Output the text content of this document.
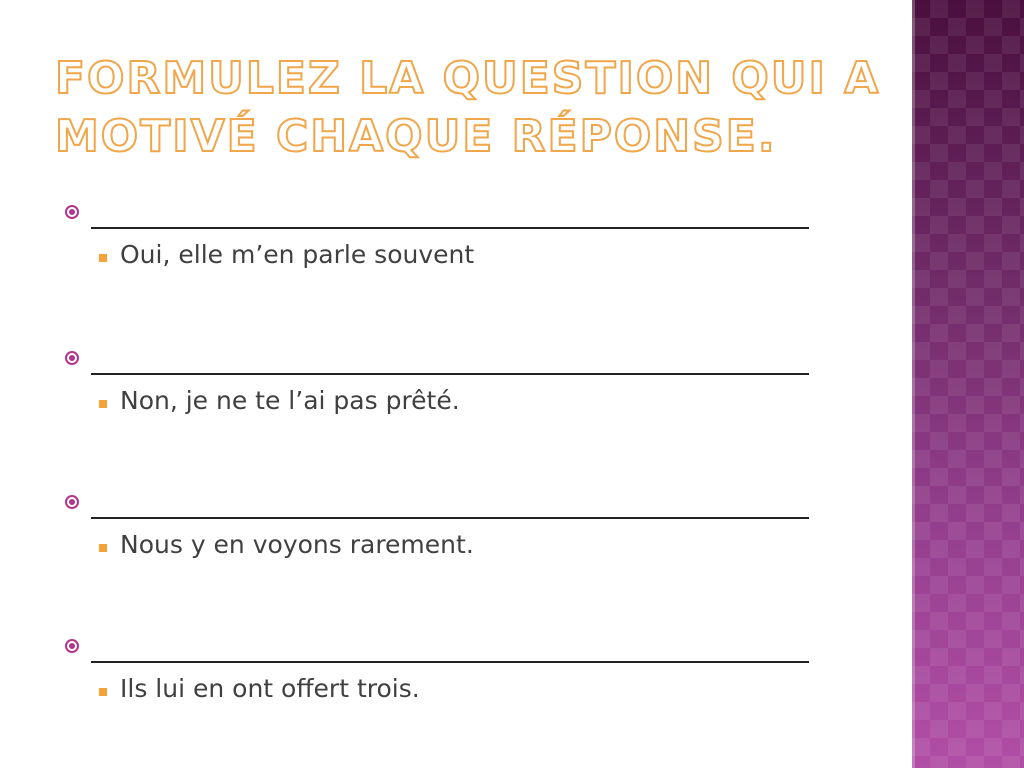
FORMULEZ LA QUESTION QUI A
MOTIVÉ CHAQUE RÉPONSE.
Oui, elle m’en parle souvent
Non, je ne te l’ai pas prêté.
Nous y en voyons rarement.
Ils lui en ont offert trois.
